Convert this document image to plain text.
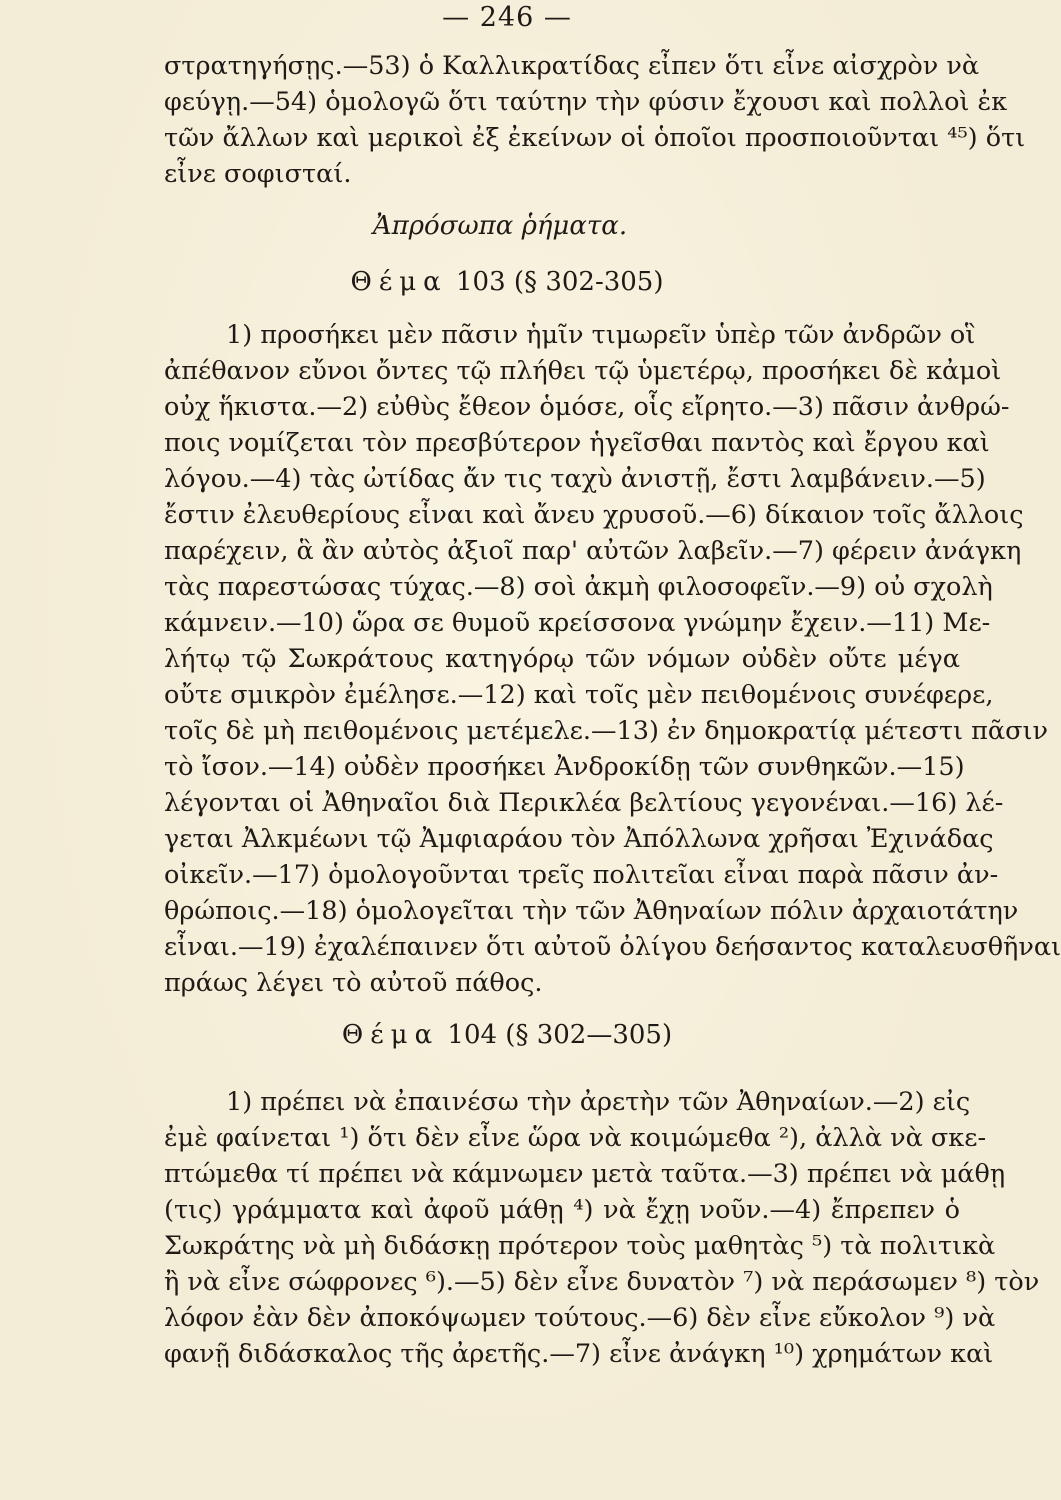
— 246 —
στρατηγήσῃς.—53) ὁ Καλλικρατίδας εἶπεν ὅτι εἶνε αἰσχρὸν νὰ
φεύγῃ.—54) ὁμολογῶ ὅτι ταύτην τὴν φύσιν ἔχουσι καὶ πολλοὶ ἐκ
τῶν ἄλλων καὶ μερικοὶ ἐξ ἐκείνων οἱ ὁποῖοι προσποιοῦνται ⁴⁵) ὅτι
εἶνε σοφισταί.
Ἀπρόσωπα ῥήματα.
Θέμα 103 (§ 302-305)
1) προσήκει μὲν πᾶσιν ἡμῖν τιμωρεῖν ὑπὲρ τῶν ἀνδρῶν οἳ
ἀπέθανον εὔνοι ὄντες τῷ πλήθει τῷ ὑμετέρῳ, προσήκει δὲ κἀμοὶ
οὐχ ἥκιστα.—2) εὐθὺς ἔθεον ὁμόσε, οἷς εἴρητο.—3) πᾶσιν ἀνθρώ-
ποις νομίζεται τὸν πρεσβύτερον ἡγεῖσθαι παντὸς καὶ ἔργου καὶ
λόγου.—4) τὰς ὠτίδας ἄν τις ταχὺ ἀνιστῇ, ἔστι λαμβάνειν.—5)
ἔστιν ἐλευθερίους εἶναι καὶ ἄνευ χρυσοῦ.—6) δίκαιον τοῖς ἄλλοις
παρέχειν, ἃ ἂν αὐτὸς ἀξιοῖ παρ' αὐτῶν λαβεῖν.—7) φέρειν ἀνάγκη
τὰς παρεστώσας τύχας.—8) σοὶ ἀκμὴ φιλοσοφεῖν.—9) οὐ σχολὴ
κάμνειν.—10) ὥρα σε θυμοῦ κρείσσονα γνώμην ἔχειν.—11) Με-
λήτῳ τῷ Σωκράτους κατηγόρῳ τῶν νόμων οὐδὲν οὔτε μέγα
οὔτε σμικρὸν ἐμέλησε.—12) καὶ τοῖς μὲν πειθομένοις συνέφερε,
τοῖς δὲ μὴ πειθομένοις μετέμελε.—13) ἐν δημοκρατίᾳ μέτεστι πᾶσιν
τὸ ἴσον.—14) οὐδὲν προσήκει Ἀνδροκίδῃ τῶν συνθηκῶν.—15)
λέγονται οἱ Ἀθηναῖοι διὰ Περικλέα βελτίους γεγονέναι.—16) λέ-
γεται Ἀλκμέωνι τῷ Ἀμφιαράου τὸν Ἀπόλλωνα χρῆσαι Ἐχινάδας
οἰκεῖν.—17) ὁμολογοῦνται τρεῖς πολιτεῖαι εἶναι παρὰ πᾶσιν ἀν-
θρώποις.—18) ὁμολογεῖται τὴν τῶν Ἀθηναίων πόλιν ἀρχαιοτάτην
εἶναι.—19) ἐχαλέπαινεν ὅτι αὐτοῦ ὀλίγου δεήσαντος καταλευσθῆναι
πράως λέγει τὸ αὐτοῦ πάθος.
Θέμα 104 (§ 302—305)
1) πρέπει νὰ ἐπαινέσω τὴν ἀρετὴν τῶν Ἀθηναίων.—2) εἰς
ἐμὲ φαίνεται ¹) ὅτι δὲν εἶνε ὥρα νὰ κοιμώμεθα ²), ἀλλὰ νὰ σκε-
πτώμεθα τί πρέπει νὰ κάμνωμεν μετὰ ταῦτα.—3) πρέπει νὰ μάθῃ
(τις) γράμματα καὶ ἀφοῦ μάθῃ ⁴) νὰ ἔχῃ νοῦν.—4) ἔπρεπεν ὁ
Σωκράτης νὰ μὴ διδάσκῃ πρότερον τοὺς μαθητὰς ⁵) τὰ πολιτικὰ
ἢ νὰ εἶνε σώφρονες ⁶).—5) δὲν εἶνε δυνατὸν ⁷) νὰ περάσωμεν ⁸) τὸν
λόφον ἐὰν δὲν ἀποκόψωμεν τούτους.—6) δὲν εἶνε εὔκολον ⁹) νὰ
φανῇ διδάσκαλος τῆς ἀρετῆς.—7) εἶνε ἀνάγκη ¹⁰) χρημάτων καὶ
